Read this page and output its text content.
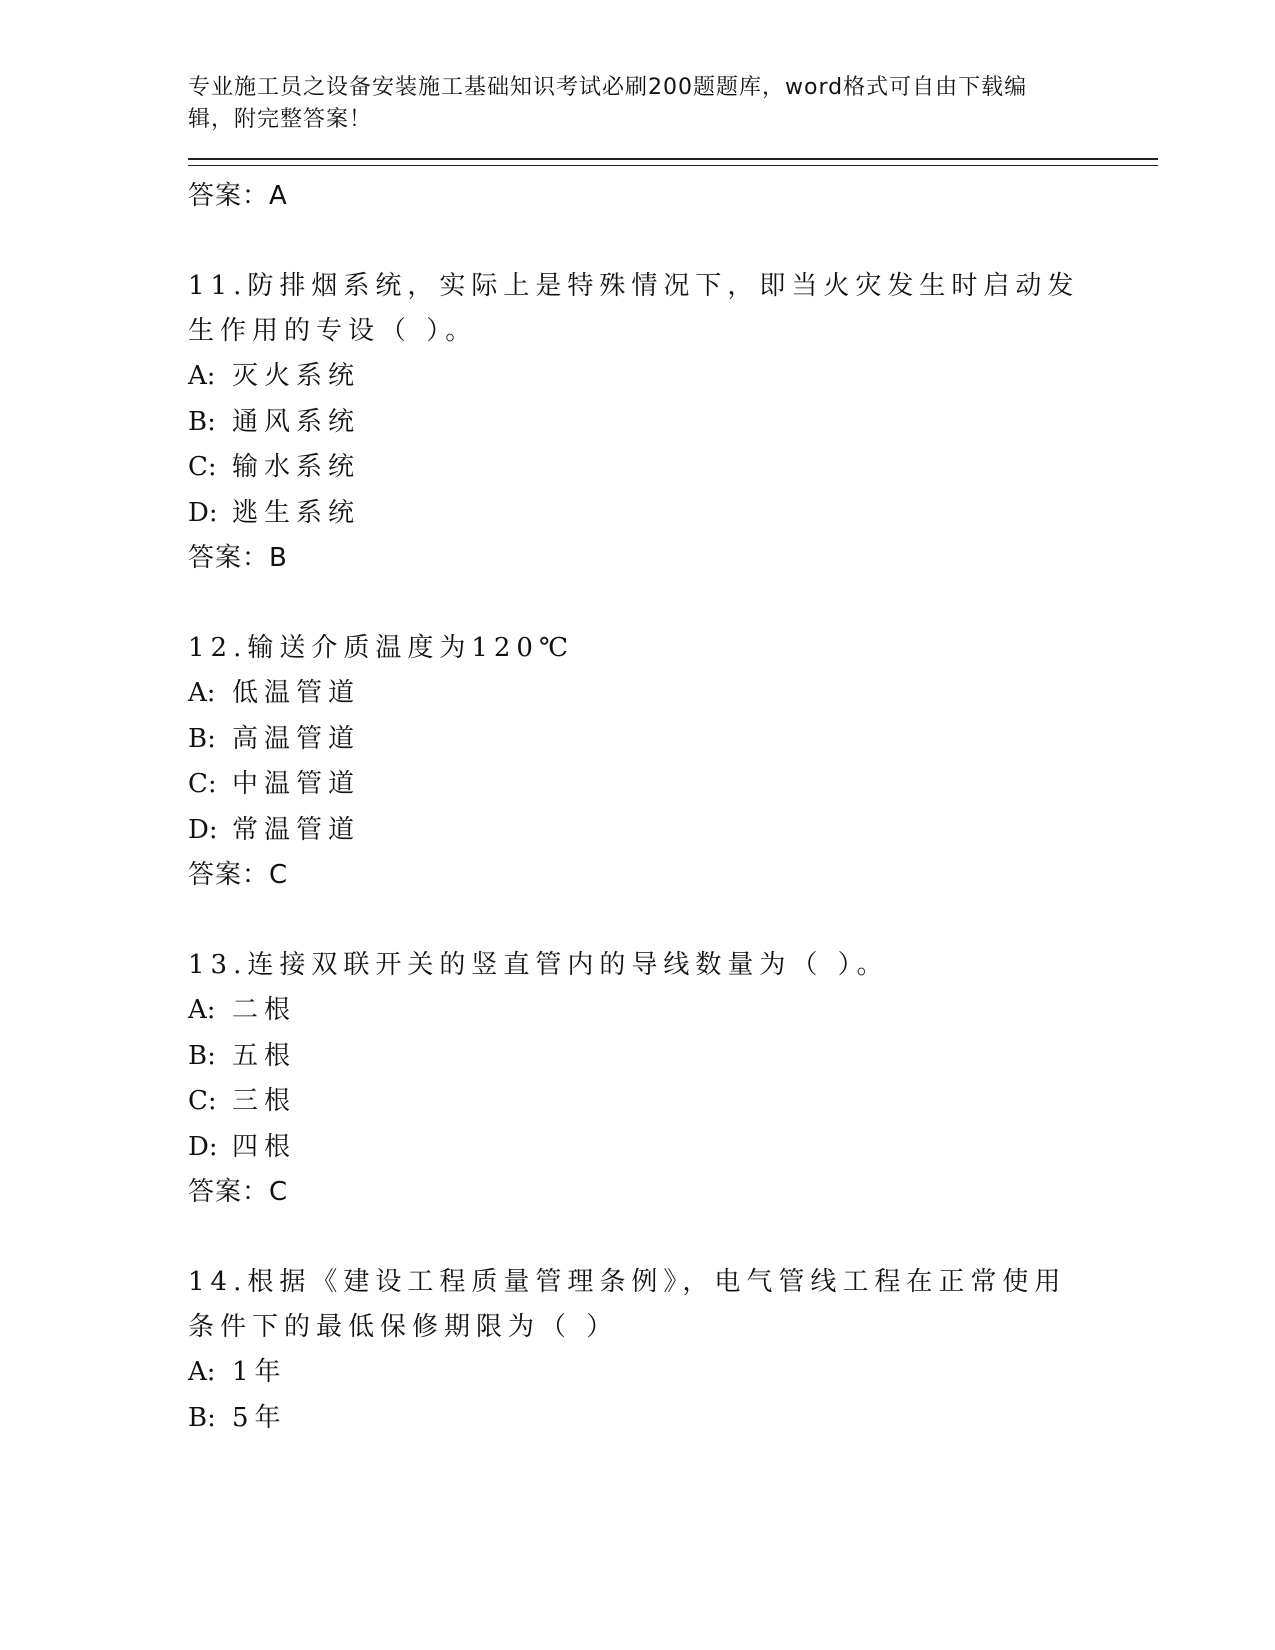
专业施工员之设备安装施工基础知识考试必刷200题题库，word格式可自由下载编辑，附完整答案！
答案：A
11.防排烟系统，实际上是特殊情况下，即当火灾发生时启动发生作用的专设（ ）。
A: 灭火系统
B: 通风系统
C: 输水系统
D: 逃生系统
答案：B
12.输送介质温度为120℃
A: 低温管道
B: 高温管道
C: 中温管道
D: 常温管道
答案：C
13.连接双联开关的竖直管内的导线数量为（ ）。
A: 二根
B: 五根
C: 三根
D: 四根
答案：C
14.根据《建设工程质量管理条例》，电气管线工程在正常使用条件下的最低保修期限为（ ）
A: 1年
B: 5年
